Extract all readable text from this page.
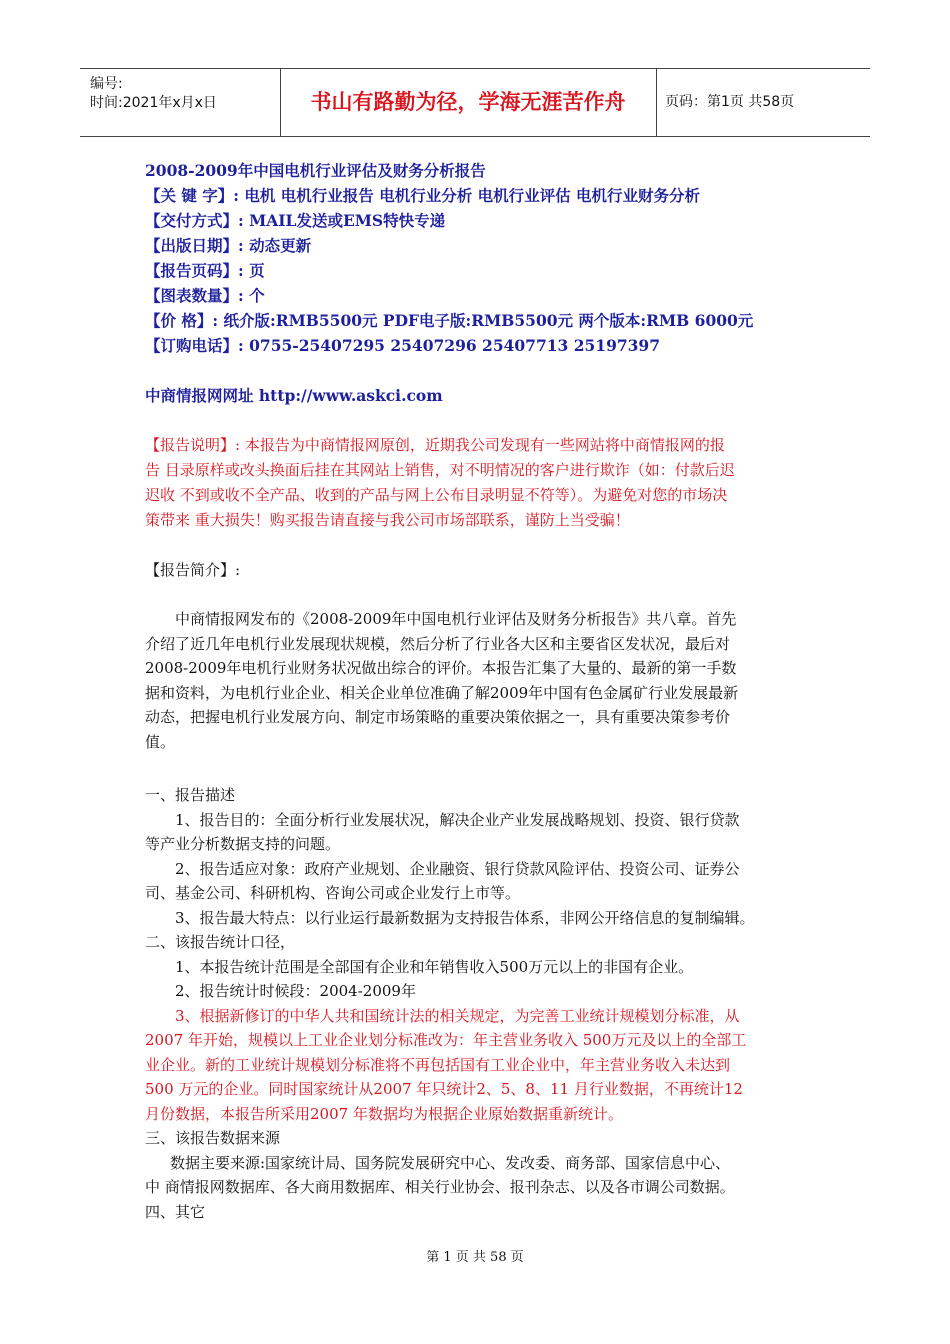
编号:
时间:2021年x月x日	书山有路勤为径，学海无涯苦作舟	页码：第1页 共58页
2008-2009年中国电机行业评估及财务分析报告
【关 键 字】: 电机 电机行业报告 电机行业分析 电机行业评估 电机行业财务分析
【交付方式】: MAIL发送或EMS特快专递
【出版日期】: 动态更新
【报告页码】: 页
【图表数量】: 个
【价 格】: 纸介版:RMB5500元 PDF电子版:RMB5500元 两个版本:RMB 6000元
【订购电话】: 0755-25407295 25407296 25407713 25197397
中商情报网网址 http://www.askci.com

【报告说明】: 本报告为中商情报网原创，近期我公司发现有一些网站将中商情报网的报

告 目录原样或改头换面后挂在其网站上销售，对不明情况的客户进行欺诈（如：付款后迟

迟收 不到或收不全产品、收到的产品与网上公布目录明显不符等）。为避免对您的市场决

策带来 重大损失！购买报告请直接与我公司市场部联系，谨防上当受骗！

【报告简介】:

中商情报网发布的《2008-2009年中国电机行业评估及财务分析报告》共八章。首先

介绍了近几年电机行业发展现状规模，然后分析了行业各大区和主要省区发状况，最后对

2008-2009年电机行业财务状况做出综合的评价。本报告汇集了大量的、最新的第一手数

据和资料，为电机行业企业、相关企业单位准确了解2009年中国有色金属矿行业发展最新

动态，把握电机行业发展方向、制定市场策略的重要决策依据之一，具有重要决策参考价

值。

一、报告描述

1、报告目的：全面分析行业发展状况，解决企业产业发展战略规划、投资、银行贷款

等产业分析数据支持的问题。

2、报告适应对象：政府产业规划、企业融资、银行贷款风险评估、投资公司、证券公

司、基金公司、科研机构、咨询公司或企业发行上市等。

3、报告最大特点：以行业运行最新数据为支持报告体系，非网公开络信息的复制编辑。

二、该报告统计口径，

1、本报告统计范围是全部国有企业和年销售收入500万元以上的非国有企业。

2、报告统计时候段：2004-2009年

3、根据新修订的中华人共和国统计法的相关规定，为完善工业统计规模划分标准，从

2007 年开始，规模以上工业企业划分标准改为：年主营业务收入 500万元及以上的全部工

业企业。新的工业统计规模划分标准将不再包括国有工业企业中，年主营业务收入未达到

500 万元的企业。同时国家统计从2007 年只统计2、5、8、11 月行业数据，不再统计12

月份数据，本报告所采用2007 年数据均为根据企业原始数据重新统计。

三、该报告数据来源

数据主要来源:国家统计局、国务院发展研究中心、发改委、商务部、国家信息中心、

中 商情报网数据库、各大商用数据库、相关行业协会、报刊杂志、以及各市调公司数据。

四、其它

第 1 页 共 58 页
